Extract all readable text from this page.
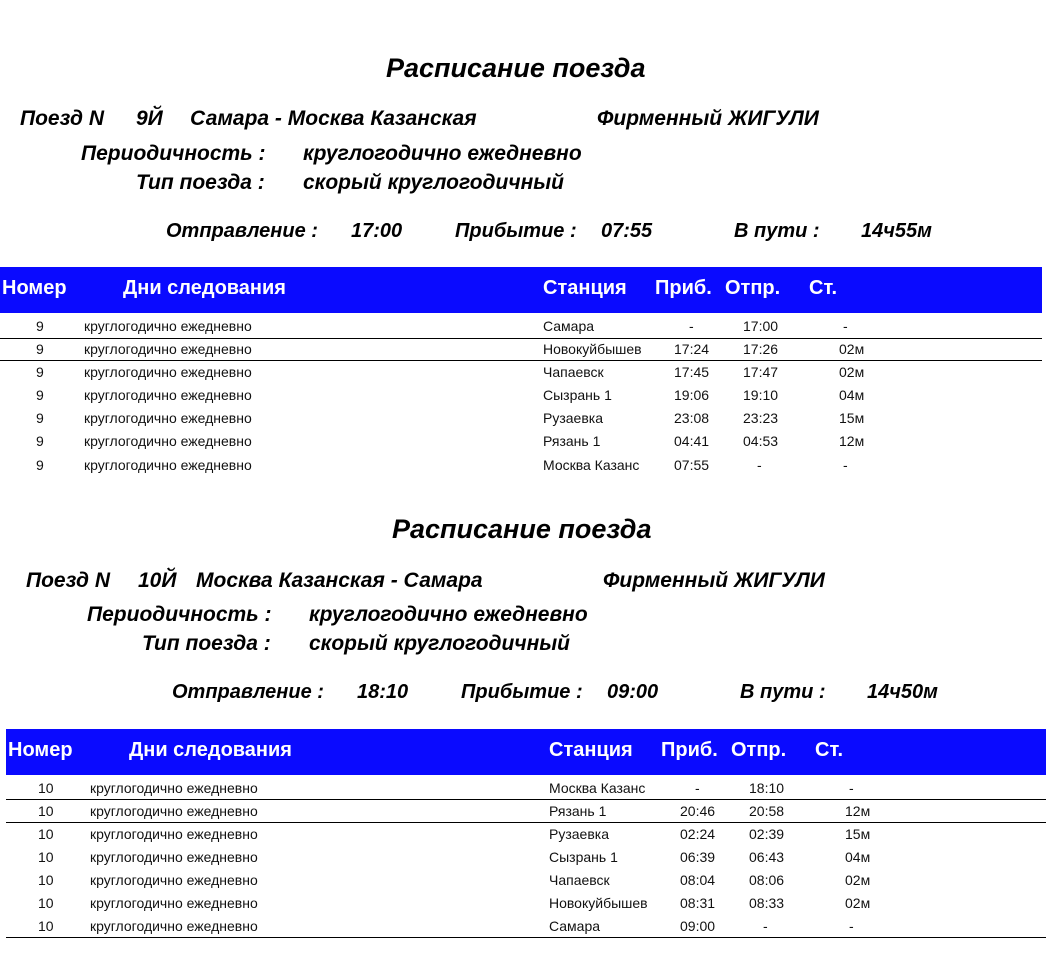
Расписание поезда
Поезд N 9Й Самара - Москва Казанская	Фирменный ЖИГУЛИ
Периодичность : круглогодично ежедневно
Тип поезда : скорый круглогодичный
Отправление : 17:00	Прибытие : 07:55	В пути : 14ч55м
Номер	Дни следования	Станция Приб. Отпр. Ст.
9	круглогодично ежедневно	Самара	-	17:00	-
9	круглогодично ежедневно	Новокуйбышев 17:24 17:26	02м
9	круглогодично ежедневно	Чапаевск	17:45 17:47	02м
9	круглогодично ежедневно	Сызрань 1	19:06 19:10	04м
9	круглогодично ежедневно	Рузаевка	23:08 23:23	15м
9	круглогодично ежедневно	Рязань 1	04:41 04:53	12м
9	круглогодично ежедневно	Москва Казанс 07:55	-	-
Расписание поезда
Поезд N 10Й Москва Казанская - Самара	Фирменный ЖИГУЛИ
Периодичность : круглогодично ежедневно
Тип поезда : скорый круглогодичный
Отправление : 18:10	Прибытие : 09:00	В пути : 14ч50м
Номер	Дни следования	Станция Приб. Отпр. Ст.
10	круглогодично ежедневно	Москва Казанс	-	18:10	-
10	круглогодично ежедневно	Рязань 1	20:46 20:58	12м
10	круглогодично ежедневно	Рузаевка	02:24 02:39	15м
10	круглогодично ежедневно	Сызрань 1	06:39 06:43	04м
10	круглогодично ежедневно	Чапаевск	08:04 08:06	02м
10	круглогодично ежедневно	Новокуйбышев 08:31 08:33	02м
10	круглогодично ежедневно	Самара	09:00	-	-
